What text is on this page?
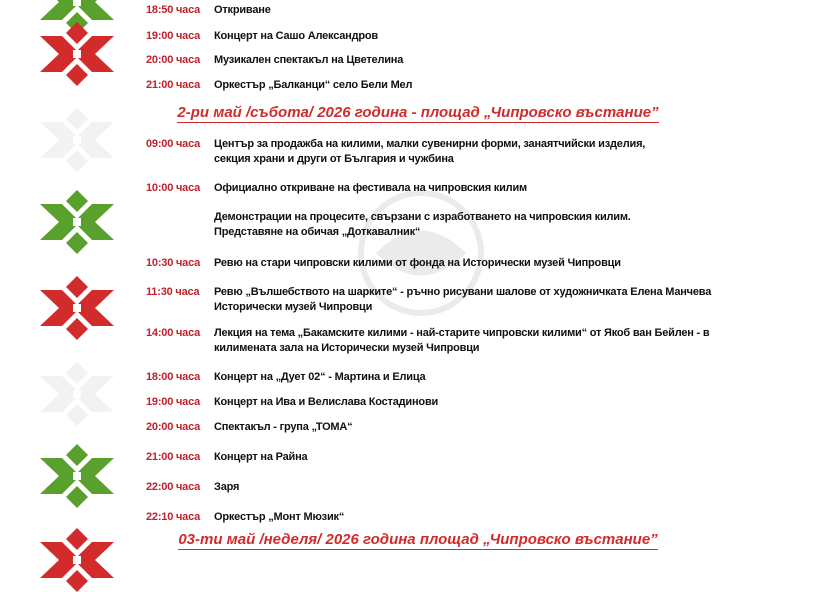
18:50 часа	Откриване
19:00 часа	Концерт на Сашо Александров
20:00 часа	Музикален спектакъл на Цветелина
21:00 часа	Оркестър „Балканци“ село Бели Мел
2-ри май /събота/ 2026 година - площад „Чипровско въстание”
09:00 часа	Център за продажба на килими, малки сувенирни форми, занаятчийски изделия,
секция храни и други от България и чужбина
10:00 часа	Официално откриване на фестивала на чипровския килим
Демонстрации на процесите, свързани с изработването на чипровския килим.
Представяне на обичая „Доткавалник“
10:30 часа	Ревю на стари чипровски килими от фонда на Исторически музей Чипровци
11:30 часа	Ревю „Вълшебството на шарките“ - ръчно рисувани шалове от художничката Елена Манчева
Исторически музей Чипровци
14:00 часа	Лекция на тема „Бакамските килими - най-старите чипровски килими“ от Якоб ван Бейлен - в
килимената зала на Исторически музей Чипровци
18:00 часа	Концерт на „Дует 02“ - Мартина и Елица
19:00 часа	Концерт на Ива и Велислава Костадинови
20:00 часа	Спектакъл - група „ТОМА“
21:00 часа	Концерт на Райна
22:00 часа	Заря
22:10 часа	Оркестър „Монт Мюзик“
03-ти май /неделя/ 2026 година площад „Чипровско въстание”
